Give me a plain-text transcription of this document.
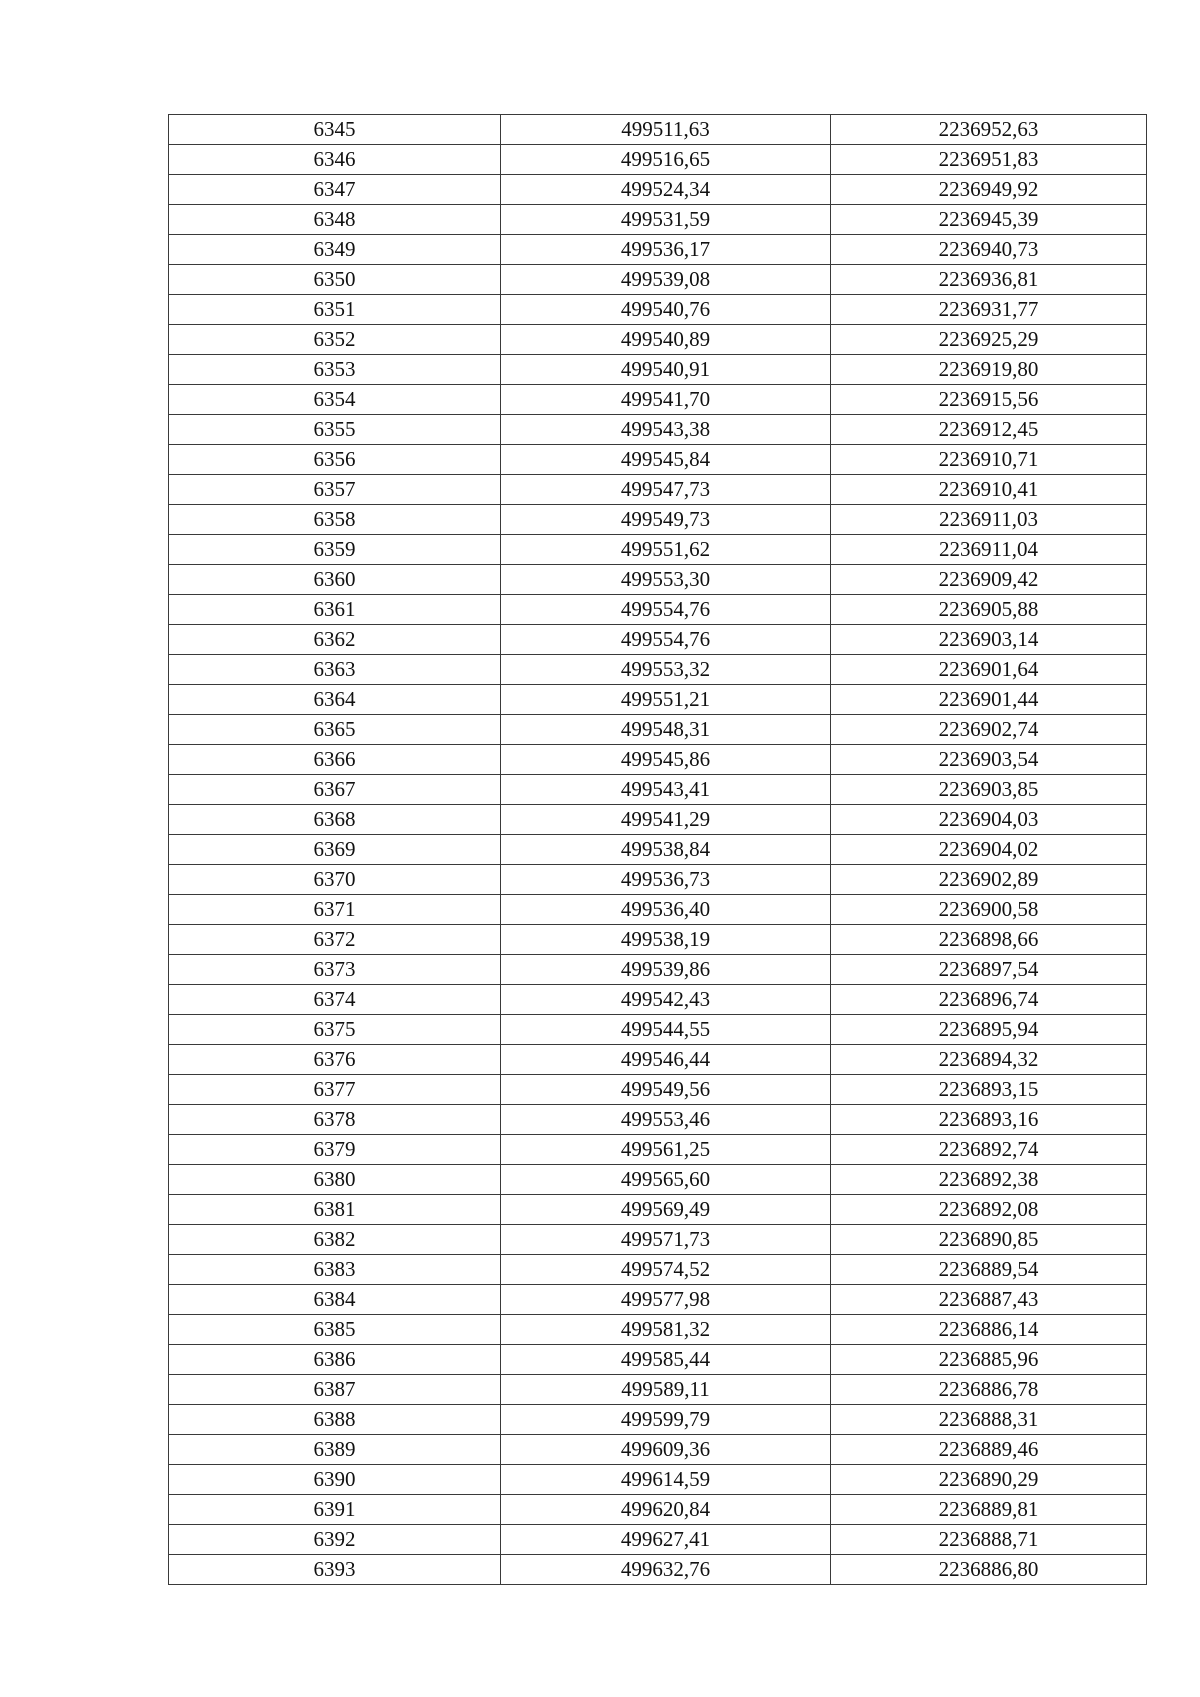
6345	499511,63	2236952,63
6346	499516,65	2236951,83
6347	499524,34	2236949,92
6348	499531,59	2236945,39
6349	499536,17	2236940,73
6350	499539,08	2236936,81
6351	499540,76	2236931,77
6352	499540,89	2236925,29
6353	499540,91	2236919,80
6354	499541,70	2236915,56
6355	499543,38	2236912,45
6356	499545,84	2236910,71
6357	499547,73	2236910,41
6358	499549,73	2236911,03
6359	499551,62	2236911,04
6360	499553,30	2236909,42
6361	499554,76	2236905,88
6362	499554,76	2236903,14
6363	499553,32	2236901,64
6364	499551,21	2236901,44
6365	499548,31	2236902,74
6366	499545,86	2236903,54
6367	499543,41	2236903,85
6368	499541,29	2236904,03
6369	499538,84	2236904,02
6370	499536,73	2236902,89
6371	499536,40	2236900,58
6372	499538,19	2236898,66
6373	499539,86	2236897,54
6374	499542,43	2236896,74
6375	499544,55	2236895,94
6376	499546,44	2236894,32
6377	499549,56	2236893,15
6378	499553,46	2236893,16
6379	499561,25	2236892,74
6380	499565,60	2236892,38
6381	499569,49	2236892,08
6382	499571,73	2236890,85
6383	499574,52	2236889,54
6384	499577,98	2236887,43
6385	499581,32	2236886,14
6386	499585,44	2236885,96
6387	499589,11	2236886,78
6388	499599,79	2236888,31
6389	499609,36	2236889,46
6390	499614,59	2236890,29
6391	499620,84	2236889,81
6392	499627,41	2236888,71
6393	499632,76	2236886,80
